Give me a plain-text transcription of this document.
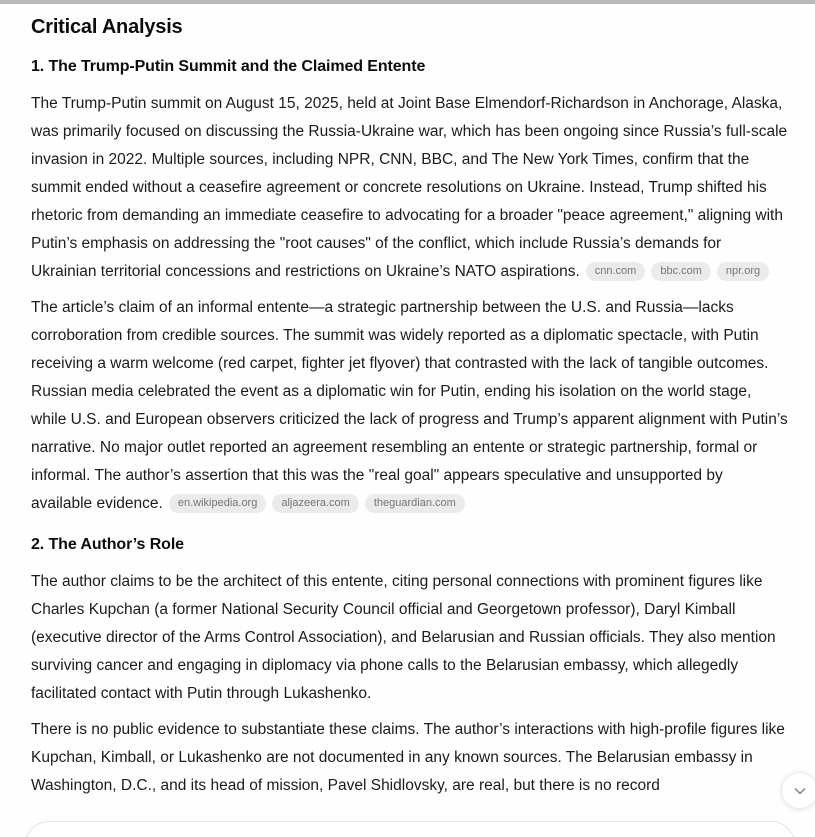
Critical Analysis
1. The Trump-Putin Summit and the Claimed Entente

The Trump-Putin summit on August 15, 2025, held at Joint Base Elmendorf-Richardson in Anchorage, Alaska, was primarily focused on discussing the Russia-Ukraine war, which has been ongoing since Russia’s full-scale invasion in 2022. Multiple sources, including NPR, CNN, BBC, and The New York Times, confirm that the summit ended without a ceasefire agreement or concrete resolutions on Ukraine. Instead, Trump shifted his rhetoric from demanding an immediate ceasefire to advocating for a broader "peace agreement," aligning with Putin’s emphasis on addressing the "root causes" of the conflict, which include Russia’s demands for Ukrainian territorial concessions and restrictions on Ukraine’s NATO aspirations. cnn.com bbc.com npr.org

The article’s claim of an informal entente—a strategic partnership between the U.S. and Russia—lacks corroboration from credible sources. The summit was widely reported as a diplomatic spectacle, with Putin receiving a warm welcome (red carpet, fighter jet flyover) that contrasted with the lack of tangible outcomes. Russian media celebrated the event as a diplomatic win for Putin, ending his isolation on the world stage, while U.S. and European observers criticized the lack of progress and Trump’s apparent alignment with Putin’s narrative. No major outlet reported an agreement resembling an entente or strategic partnership, formal or informal. The author’s assertion that this was the "real goal" appears speculative and unsupported by available evidence. en.wikipedia.org aljazeera.com theguardian.com

2. The Author’s Role

The author claims to be the architect of this entente, citing personal connections with prominent figures like Charles Kupchan (a former National Security Council official and Georgetown professor), Daryl Kimball (executive director of the Arms Control Association), and Belarusian and Russian officials. They also mention surviving cancer and engaging in diplomacy via phone calls to the Belarusian embassy, which allegedly facilitated contact with Putin through Lukashenko.

There is no public evidence to substantiate these claims. The author’s interactions with high-profile figures like Kupchan, Kimball, or Lukashenko are not documented in any known sources. The Belarusian embassy in Washington, D.C., and its head of mission, Pavel Shidlovsky, are real, but there is no record
